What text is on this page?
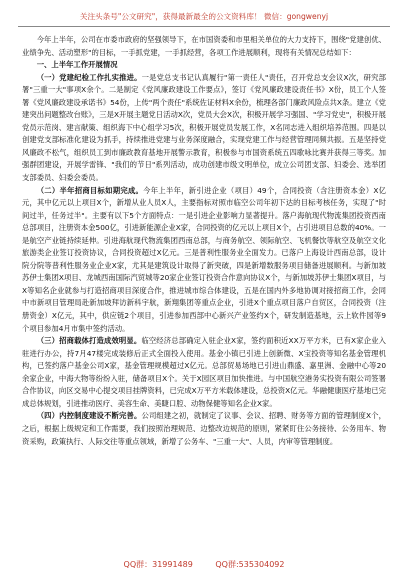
关注头条号"公文研究"，获得最新最全的公文资料库！ 微信：gongwenyj

今年上半年，公司在市委市政府的坚强领导下，在市国资委和市里相关单位的大力支持下，围绕"党建创优、业绩争先、活动塑形"的目标，一手抓党建，一手抓经营，各项工作进展顺利，现将有关情况总结如下：

一、上半年工作开展情况

（一）党建纪检工作扎实推进。一是党总支书记认真履行"第一责任人"责任，召开党总支会议X次，研究部署"三重一大"事项X余个。二是制定《党风廉政建设工作要点》，签订《党风廉政建设责任书》X份，员工个人签署《党风廉政建设承诺书》54份，上传"两个责任"系统佐证材料X余份，梳理各部门廉政风险点共X条。建立《党建突出问题整改台账》，三是X开展主题党日活动X次，党员大会X次，积极开展学习强国、"学习党史"，积极开展党员示范岗、建言献策、组织海下中心组学习5次，积极开展党员发展工作，X名同志进入组织培养范围。四是以创建党支部标准化建设为抓手，持续推进党建与业务深度融合，实现党建工作与经营管理同频共振。五是坚持党风廉政不松气，组织员工到市廉政教育基地开展警示教育，积极参与市国资系统五四歌咏比赛并获得三等奖。加强群团建设，开展学雷锋、"我们的节日"系列活动，成功创建市级文明单位，成立公司团支部、妇委会、选举团支部委员、妇委会委员。

（二）半年招商目标如期完成。今年上半年，新引进企业（项目）49个，合同投资（含注册资本金）X亿元，其中亿元以上项目X个，新增从业人员X人，主要指标对照市临空公司年初下达的目标考核任务，实现了"时间过半，任务过半"。主要有以下5个方面特点：一是引进企业影响力显著提升。落户海航现代物流集团投资西南总部项目，注册资本金500亿，引进新能源企业X家，合同投资的亿元以上项目X个，占引进项目总数的40%。一是航空产业链持续延伸。引进海航现代物流集团西南总部，与商务航空、领际航空、飞机餐饮等航空及航空文化旅游类企业签订投资协议，合同投资超过X亿元。三是普利性服务业全面发力。已落户上海设计西南总部，设计院分院等普利性服务业企业X家，尤其是建筑设计取得了新突破，四是新增数服务项目储备进展顺利。与新加坡苏伊士集团X项目、龙城西南国际汽贸城等20家企业签订投资合作意向协议X个，与新加坡苏伊士集团X项目，与X等知名企业就参与打造招商项目深度合作，推进城市综合体建设，五是在国内外多地协调对接招商工作，会同中市新项目管理局赴新加坡拜访新科宇航，新翔集团等重点企业，引进X个重点项目落户自贸区，合同投资（注册资金）X亿元，其中，供应链2个项目，引进参加西部中心新兴产业签约X个，研发制造基地，云上软件园等9个项目参加4月市集中签约活动。

（三）招商载体打造成效明显。临空经济总部确定入驻企业X家，签约面积近XX万平方米，已有X家企业入驻进行办公，持7月47楼完成装修后正式全面投入使用。基金小镇已引进上创新微、X宝投资等知名基金管理机构，已签约落户基金公司X家，基金管理规模超过X亿元。总部贸易场地已引进山鼎盛、嘉里洲、金融中心等20余家企业，中海大物等纷纷入驻，储备项目X个。关于X园区项目加快推进。与中国航空港务实投资有限公司签署合作协议，向区交易中心提交项目挂牌资料，已完成X万平方米载体建设，总投资X亿元。华融健康医疗基地已完成总体规划，引进推动医疗、美容生命、美睫口腔、动物保健等知名企业X家。

（四）内控制度建设不断完善。公司组建之初，就制定了议事、会议、招聘、财务等方面的管理制度X个，之后，根据上级规定和工作需要，我们按照治理规范、边整改边规范的原则，紧紧盯住公务接待、公务用车、物资采购，政策执行、人际交往等重点领域，新增了公务车、"三重一大"、人员，内审等管理制度。

QQ群：31991489	QQ群:535304092
